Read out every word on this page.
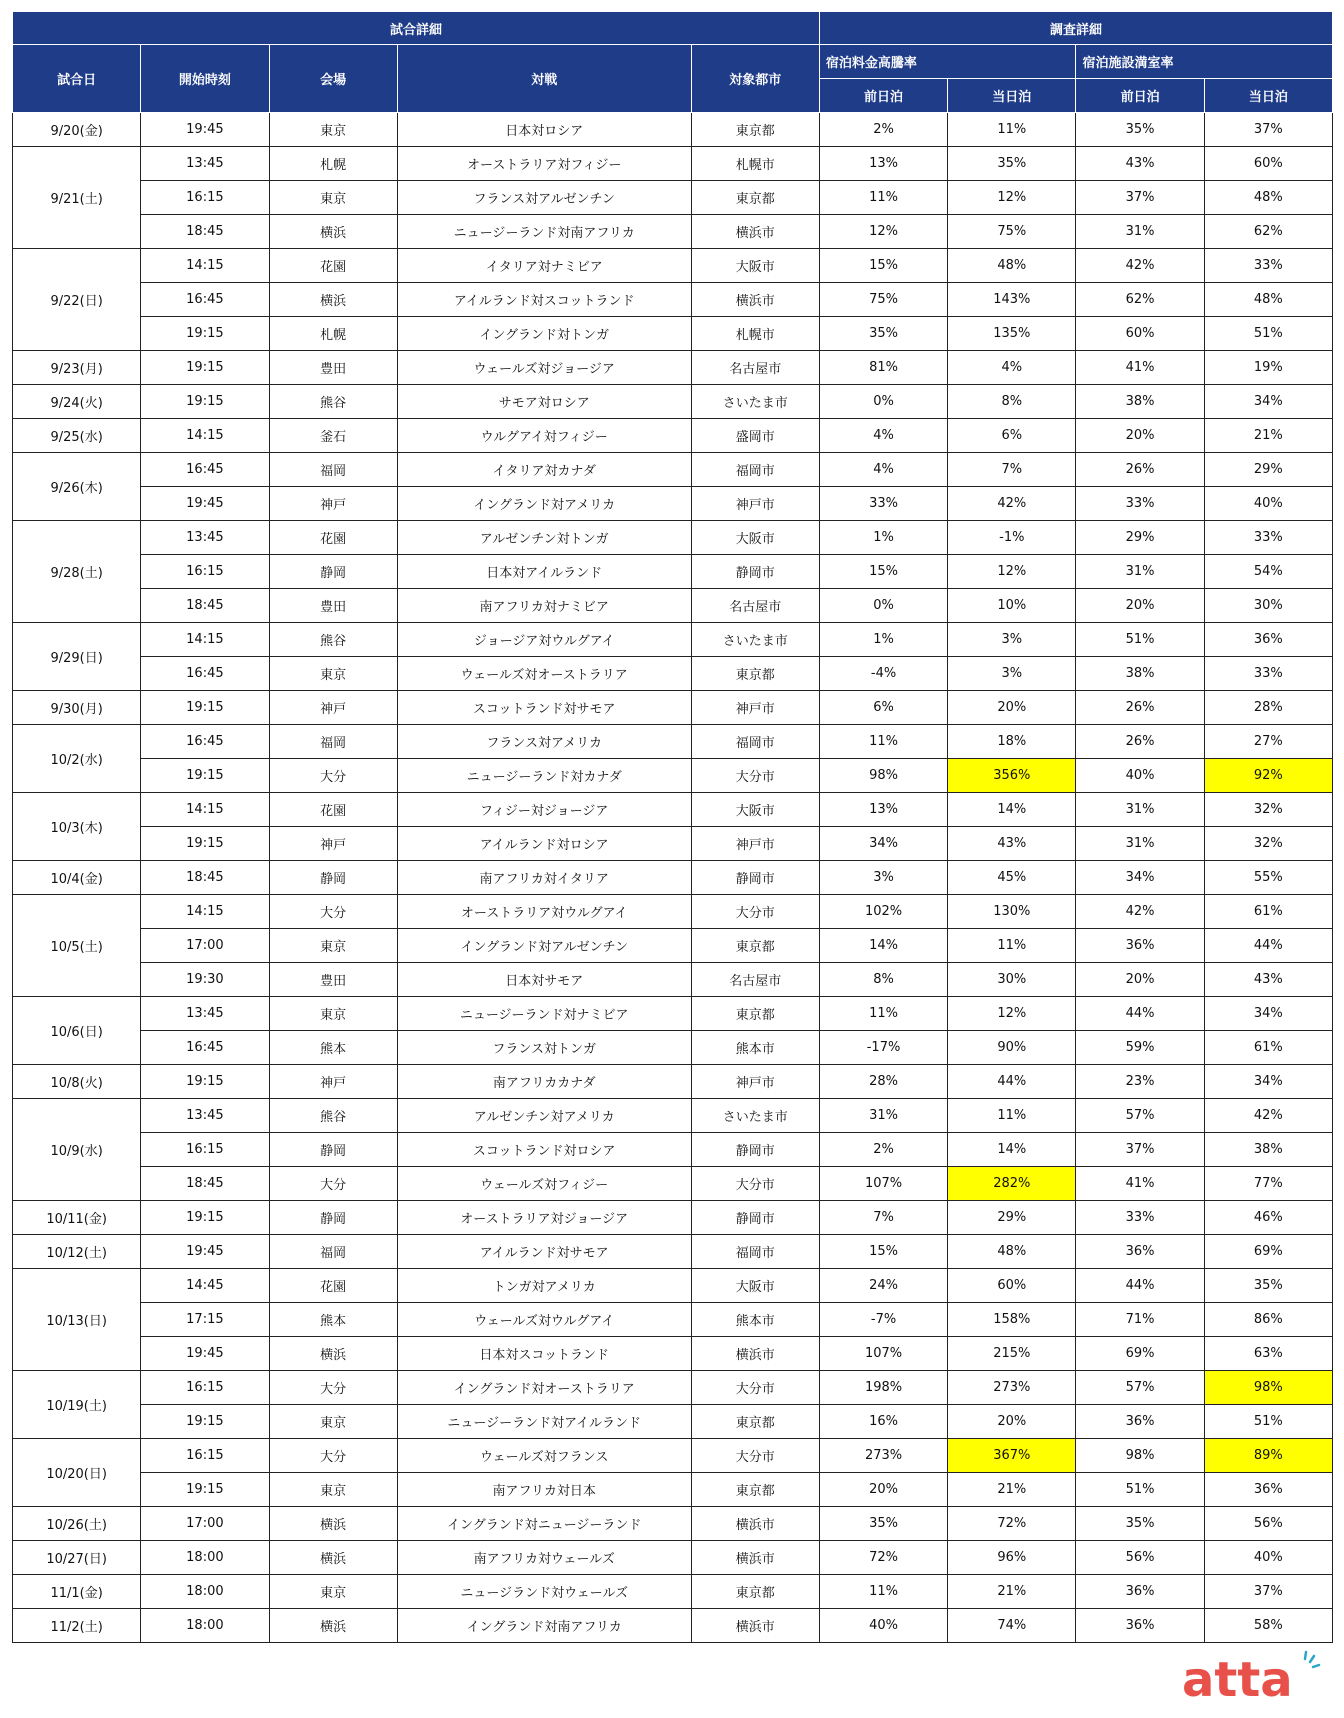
試合詳細					調査詳細			
試合日	開始時刻	会場	対戦	対象都市	宿泊料金高騰率		宿泊施設満室率	
					前日泊	当日泊	前日泊	当日泊
9/20(金)	19:45	東京	日本対ロシア	東京都	2%	11%	35%	37%
9/21(土)	13:45	札幌	オーストラリア対フィジー	札幌市	13%	35%	43%	60%
	16:15	東京	フランス対アルゼンチン	東京都	11%	12%	37%	48%
	18:45	横浜	ニュージーランド対南アフリカ	横浜市	12%	75%	31%	62%
9/22(日)	14:15	花園	イタリア対ナミビア	大阪市	15%	48%	42%	33%
	16:45	横浜	アイルランド対スコットランド	横浜市	75%	143%	62%	48%
	19:15	札幌	イングランド対トンガ	札幌市	35%	135%	60%	51%
9/23(月)	19:15	豊田	ウェールズ対ジョージア	名古屋市	81%	4%	41%	19%
9/24(火)	19:15	熊谷	サモア対ロシア	さいたま市	0%	8%	38%	34%
9/25(水)	14:15	釜石	ウルグアイ対フィジー	盛岡市	4%	6%	20%	21%
9/26(木)	16:45	福岡	イタリア対カナダ	福岡市	4%	7%	26%	29%
	19:45	神戸	イングランド対アメリカ	神戸市	33%	42%	33%	40%
9/28(土)	13:45	花園	アルゼンチン対トンガ	大阪市	1%	-1%	29%	33%
	16:15	静岡	日本対アイルランド	静岡市	15%	12%	31%	54%
	18:45	豊田	南アフリカ対ナミビア	名古屋市	0%	10%	20%	30%
9/29(日)	14:15	熊谷	ジョージア対ウルグアイ	さいたま市	1%	3%	51%	36%
	16:45	東京	ウェールズ対オーストラリア	東京都	-4%	3%	38%	33%
9/30(月)	19:15	神戸	スコットランド対サモア	神戸市	6%	20%	26%	28%
10/2(水)	16:45	福岡	フランス対アメリカ	福岡市	11%	18%	26%	27%
	19:15	大分	ニュージーランド対カナダ	大分市	98%	356%	40%	92%
10/3(木)	14:15	花園	フィジー対ジョージア	大阪市	13%	14%	31%	32%
	19:15	神戸	アイルランド対ロシア	神戸市	34%	43%	31%	32%
10/4(金)	18:45	静岡	南アフリカ対イタリア	静岡市	3%	45%	34%	55%
10/5(土)	14:15	大分	オーストラリア対ウルグアイ	大分市	102%	130%	42%	61%
	17:00	東京	イングランド対アルゼンチン	東京都	14%	11%	36%	44%
	19:30	豊田	日本対サモア	名古屋市	8%	30%	20%	43%
10/6(日)	13:45	東京	ニュージーランド対ナミビア	東京都	11%	12%	44%	34%
	16:45	熊本	フランス対トンガ	熊本市	-17%	90%	59%	61%
10/8(火)	19:15	神戸	南アフリカカナダ	神戸市	28%	44%	23%	34%
10/9(水)	13:45	熊谷	アルゼンチン対アメリカ	さいたま市	31%	11%	57%	42%
	16:15	静岡	スコットランド対ロシア	静岡市	2%	14%	37%	38%
	18:45	大分	ウェールズ対フィジー	大分市	107%	282%	41%	77%
10/11(金)	19:15	静岡	オーストラリア対ジョージア	静岡市	7%	29%	33%	46%
10/12(土)	19:45	福岡	アイルランド対サモア	福岡市	15%	48%	36%	69%
10/13(日)	14:45	花園	トンガ対アメリカ	大阪市	24%	60%	44%	35%
	17:15	熊本	ウェールズ対ウルグアイ	熊本市	-7%	158%	71%	86%
	19:45	横浜	日本対スコットランド	横浜市	107%	215%	69%	63%
10/19(土)	16:15	大分	イングランド対オーストラリア	大分市	198%	273%	57%	98%
	19:15	東京	ニュージーランド対アイルランド	東京都	16%	20%	36%	51%
10/20(日)	16:15	大分	ウェールズ対フランス	大分市	273%	367%	98%	89%
	19:15	東京	南アフリカ対日本	東京都	20%	21%	51%	36%
10/26(土)	17:00	横浜	イングランド対ニュージーランド	横浜市	35%	72%	35%	56%
10/27(日)	18:00	横浜	南アフリカ対ウェールズ	横浜市	72%	96%	56%	40%
11/1(金)	18:00	東京	ニュージランド対ウェールズ	東京都	11%	21%	36%	37%
11/2(土)	18:00	横浜	イングランド対南アフリカ	横浜市	40%	74%	36%	58%
atta
